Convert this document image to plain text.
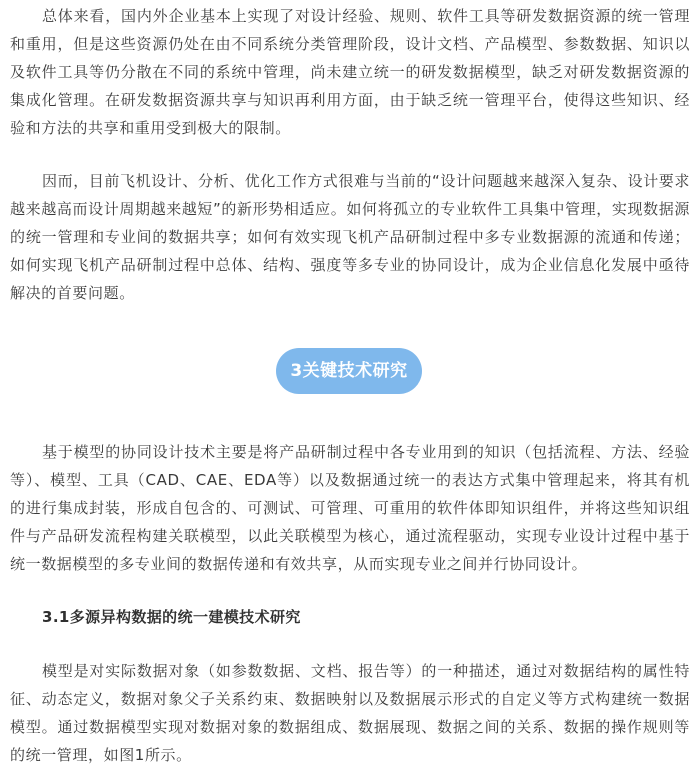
总体来看，国内外企业基本上实现了对设计经验、规则、软件工具等研发数据资源的统一管理和重用，但是这些资源仍处在由不同系统分类管理阶段，设计文档、产品模型、参数数据、知识以及软件工具等仍分散在不同的系统中管理，尚未建立统一的研发数据模型，缺乏对研发数据资源的集成化管理。在研发数据资源共享与知识再利用方面，由于缺乏统一管理平台，使得这些知识、经验和方法的共享和重用受到极大的限制。

因而，目前飞机设计、分析、优化工作方式很难与当前的“设计问题越来越深入复杂、设计要求越来越高而设计周期越来越短”的新形势相适应。如何将孤立的专业软件工具集中管理，实现数据源的统一管理和专业间的数据共享；如何有效实现飞机产品研制过程中多专业数据源的流通和传递；如何实现飞机产品研制过程中总体、结构、强度等多专业的协同设计，成为企业信息化发展中亟待解决的首要问题。

3关键技术研究

基于模型的协同设计技术主要是将产品研制过程中各专业用到的知识（包括流程、方法、经验等）、模型、工具（CAD、CAE、EDA等）以及数据通过统一的表达方式集中管理起来，将其有机的进行集成封装，形成自包含的、可测试、可管理、可重用的软件体即知识组件，并将这些知识组件与产品研发流程构建关联模型，以此关联模型为核心，通过流程驱动，实现专业设计过程中基于统一数据模型的多专业间的数据传递和有效共享，从而实现专业之间并行协同设计。

3.1多源异构数据的统一建模技术研究

模型是对实际数据对象（如参数数据、文档、报告等）的一种描述，通过对数据结构的属性特征、动态定义，数据对象父子关系约束、数据映射以及数据展示形式的自定义等方式构建统一数据模型。通过数据模型实现对数据对象的数据组成、数据展现、数据之间的关系、数据的操作规则等的统一管理，如图1所示。
